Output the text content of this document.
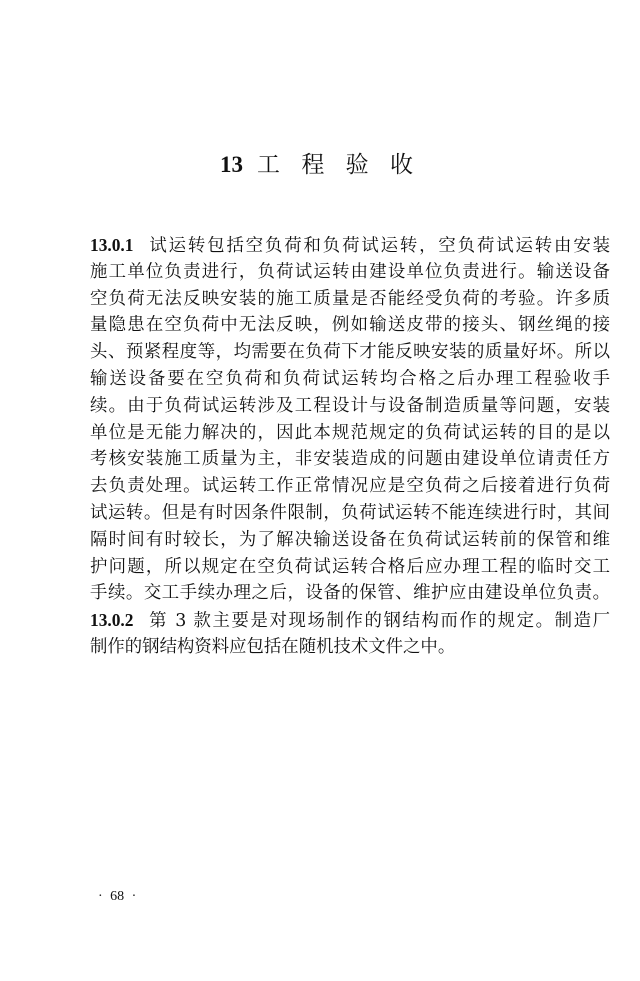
13 工 程 验 收
13.0.1 试运转包括空负荷和负荷试运转，空负荷试运转由安装
施工单位负责进行，负荷试运转由建设单位负责进行。输送设备
空负荷无法反映安装的施工质量是否能经受负荷的考验。许多质
量隐患在空负荷中无法反映，例如输送皮带的接头、钢丝绳的接
头、预紧程度等，均需要在负荷下才能反映安装的质量好坏。所以
输送设备要在空负荷和负荷试运转均合格之后办理工程验收手
续。由于负荷试运转涉及工程设计与设备制造质量等问题，安装
单位是无能力解决的，因此本规范规定的负荷试运转的目的是以
考核安装施工质量为主，非安装造成的问题由建设单位请责任方
去负责处理。试运转工作正常情况应是空负荷之后接着进行负荷
试运转。但是有时因条件限制，负荷试运转不能连续进行时，其间
隔时间有时较长，为了解决输送设备在负荷试运转前的保管和维
护问题，所以规定在空负荷试运转合格后应办理工程的临时交工
手续。交工手续办理之后，设备的保管、维护应由建设单位负责。
13.0.2 第 3 款主要是对现场制作的钢结构而作的规定。制造厂
制作的钢结构资料应包括在随机技术文件之中。
· 68 ·
